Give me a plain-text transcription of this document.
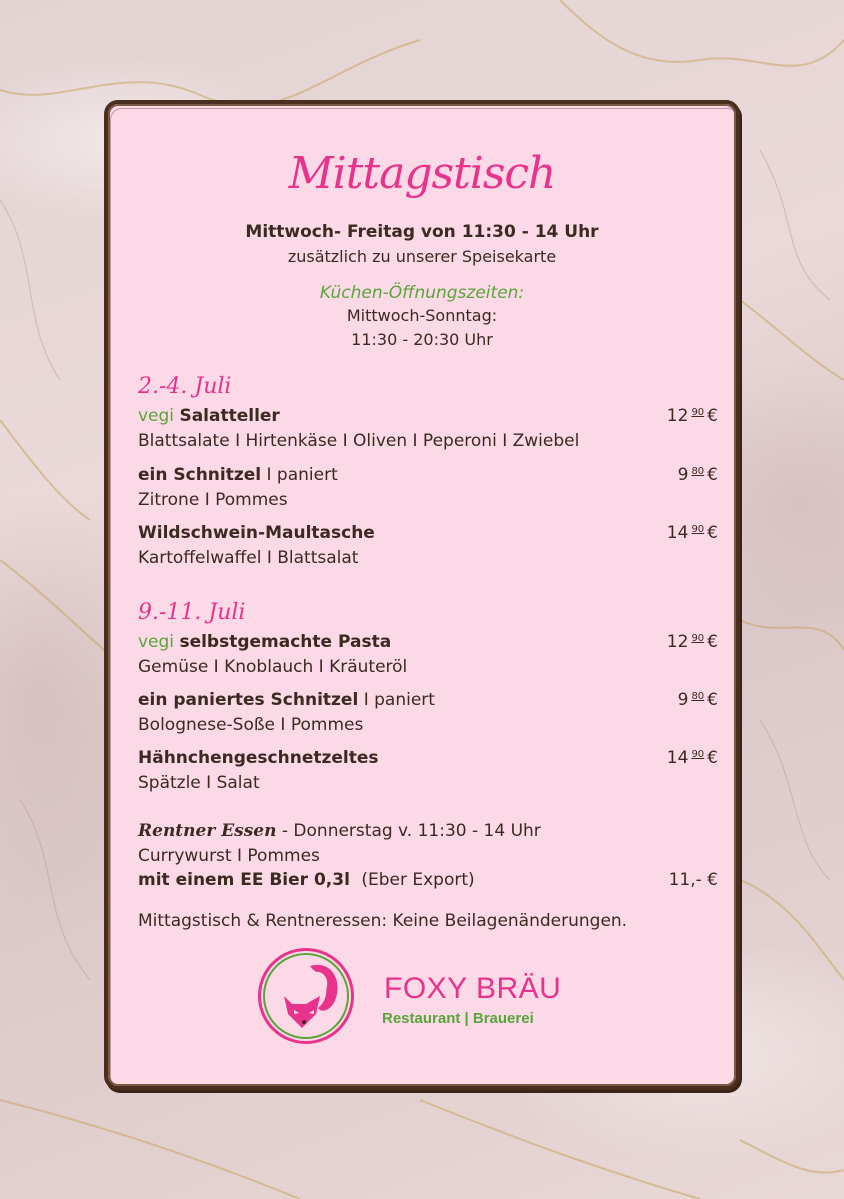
Mittagstisch
Mittwoch- Freitag von 11:30 - 14 Uhr
zusätzlich zu unserer Speisekarte
Küchen-Öffnungszeiten:
Mittwoch-Sonntag:
11:30 - 20:30 Uhr
2.-4. Juli
vegi Salatteller	12 $^{90}$ €
Blattsalate I Hirtenkäse I Oliven I Peperoni I Zwiebel
ein Schnitzel I paniert	9 $^{80}$ €
Zitrone I Pommes
Wildschwein-Maultasche	14 $^{90}$ €
Kartoffelwaffel I Blattsalat
9.-11. Juli
vegi selbstgemachte Pasta	12 $^{90}$ €
Gemüse I Knoblauch I Kräuteröl
ein paniertes Schnitzel I paniert	9 $^{80}$ €
Bolognese-Soße I Pommes
Hähnchengeschnetzeltes	14 $^{90}$ €
Spätzle I Salat
Rentner Essen - Donnerstag v. 11:30 - 14 Uhr
Currywurst I Pommes
mit einem EE Bier 0,3l (Eber Export)	11,- €
Mittagstisch & Rentneressen: Keine Beilagenänderungen.
FOXY BRÄU
Restaurant | Brauerei
